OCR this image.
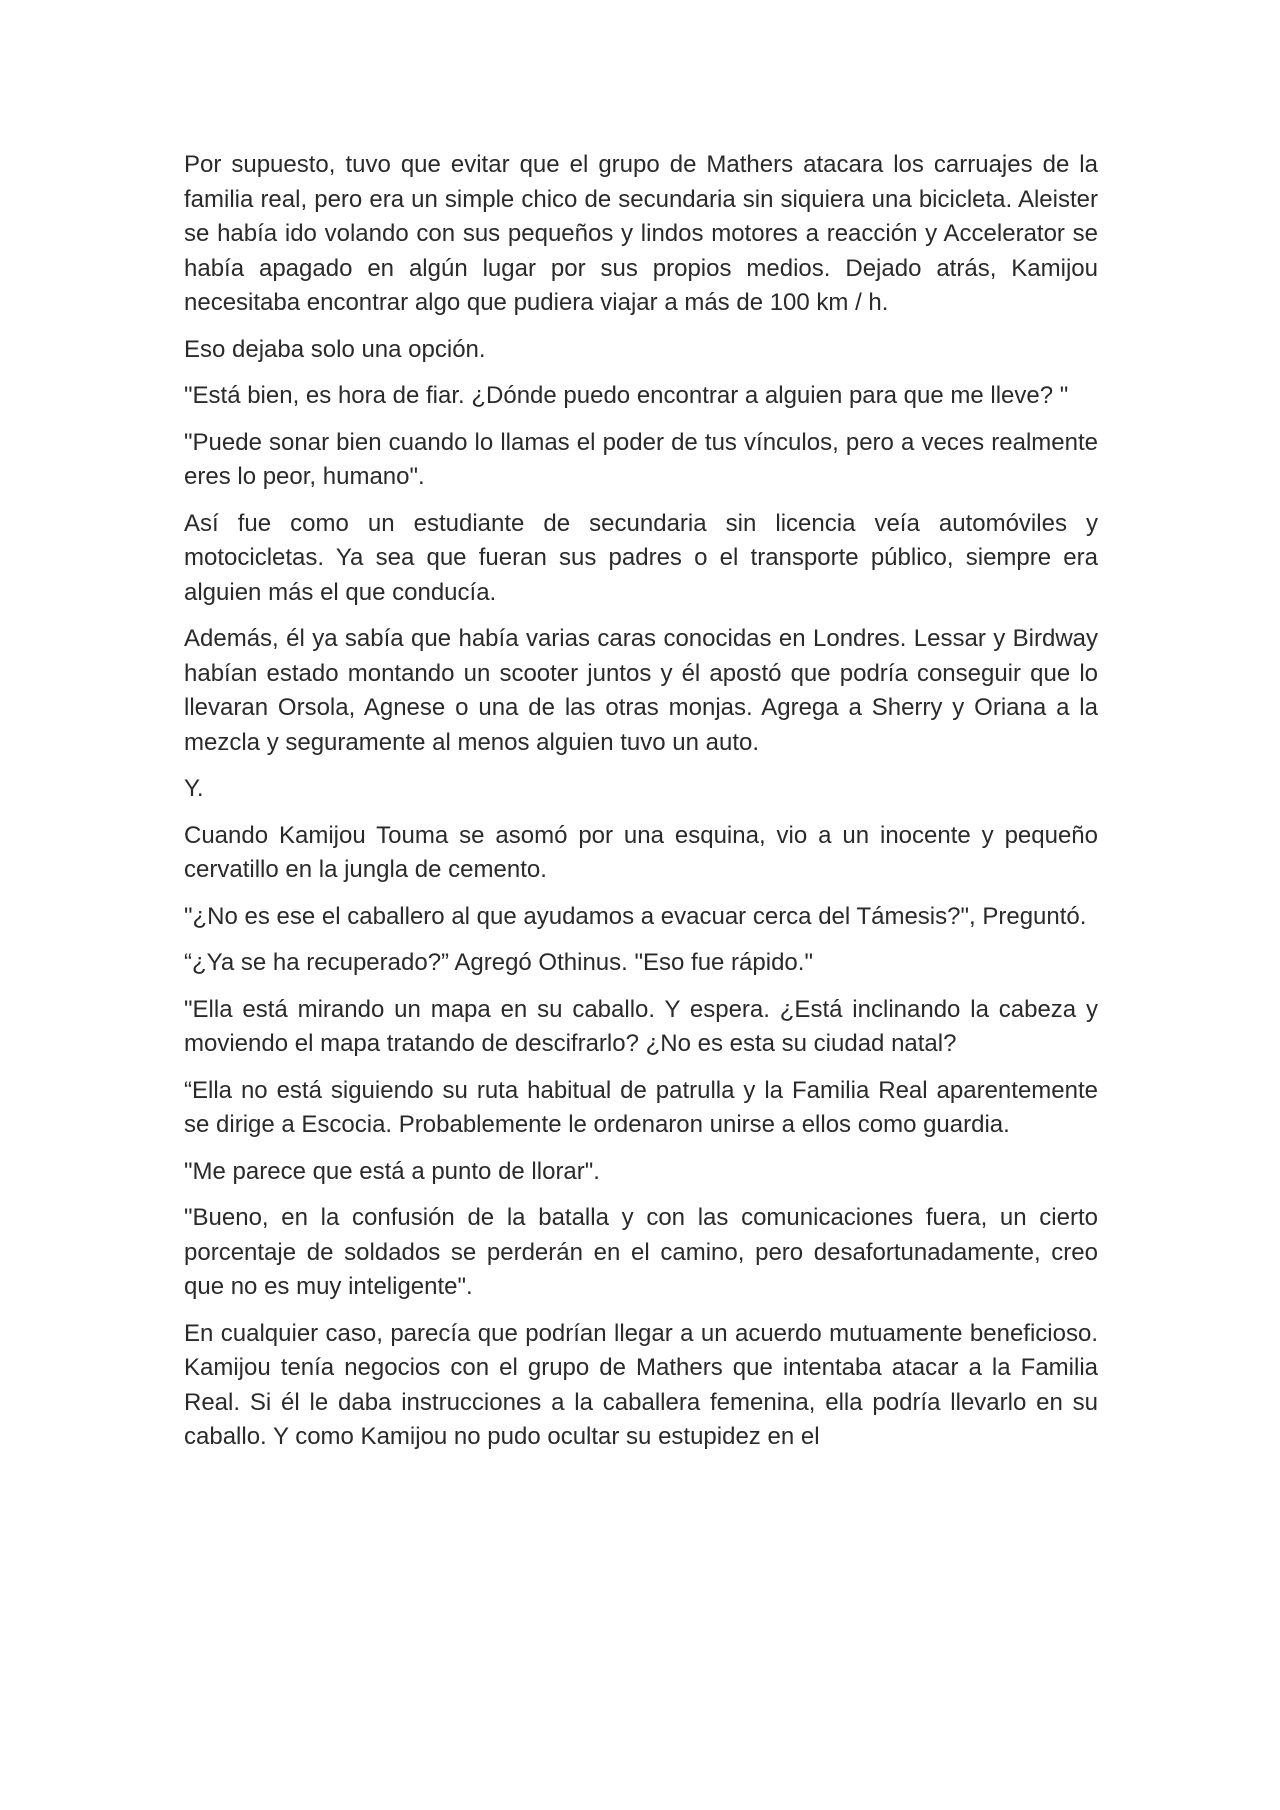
Por supuesto, tuvo que evitar que el grupo de Mathers atacara los carruajes de la familia real, pero era un simple chico de secundaria sin siquiera una bicicleta. Aleister se había ido volando con sus pequeños y lindos motores a reacción y Accelerator se había apagado en algún lugar por sus propios medios. Dejado atrás, Kamijou necesitaba encontrar algo que pudiera viajar a más de 100 km / h.

Eso dejaba solo una opción.

"Está bien, es hora de fiar. ¿Dónde puedo encontrar a alguien para que me lleve? "

"Puede sonar bien cuando lo llamas el poder de tus vínculos, pero a veces realmente eres lo peor, humano".

Así fue como un estudiante de secundaria sin licencia veía automóviles y motocicletas. Ya sea que fueran sus padres o el transporte público, siempre era alguien más el que conducía.

Además, él ya sabía que había varias caras conocidas en Londres. Lessar y Birdway habían estado montando un scooter juntos y él apostó que podría conseguir que lo llevaran Orsola, Agnese o una de las otras monjas. Agrega a Sherry y Oriana a la mezcla y seguramente al menos alguien tuvo un auto.

Y.

Cuando Kamijou Touma se asomó por una esquina, vio a un inocente y pequeño cervatillo en la jungla de cemento.

"¿No es ese el caballero al que ayudamos a evacuar cerca del Támesis?", Preguntó.

“¿Ya se ha recuperado?” Agregó Othinus. "Eso fue rápido."

"Ella está mirando un mapa en su caballo. Y espera. ¿Está inclinando la cabeza y moviendo el mapa tratando de descifrarlo? ¿No es esta su ciudad natal?

“Ella no está siguiendo su ruta habitual de patrulla y la Familia Real aparentemente se dirige a Escocia. Probablemente le ordenaron unirse a ellos como guardia.

"Me parece que está a punto de llorar".

"Bueno, en la confusión de la batalla y con las comunicaciones fuera, un cierto porcentaje de soldados se perderán en el camino, pero desafortunadamente, creo que no es muy inteligente".

En cualquier caso, parecía que podrían llegar a un acuerdo mutuamente beneficioso. Kamijou tenía negocios con el grupo de Mathers que intentaba atacar a la Familia Real. Si él le daba instrucciones a la caballera femenina, ella podría llevarlo en su caballo. Y como Kamijou no pudo ocultar su estupidez en el
